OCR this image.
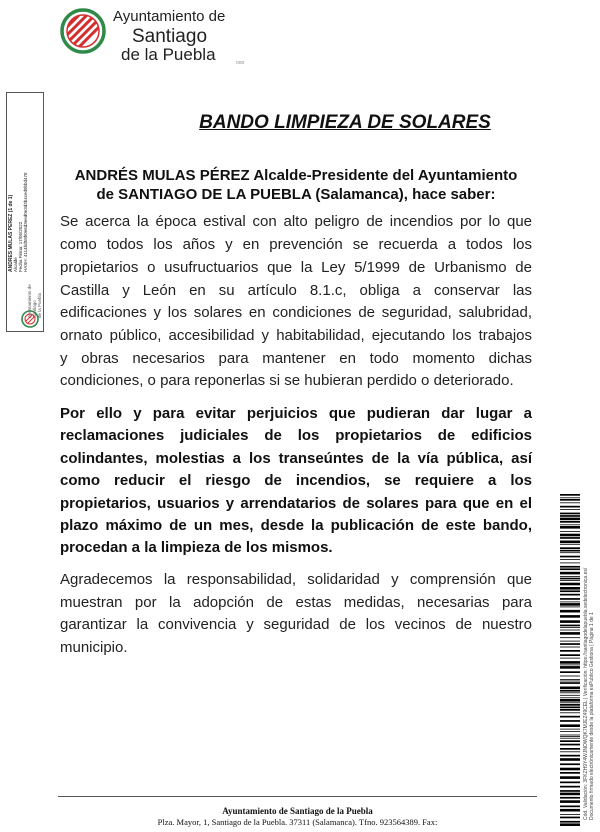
Ayuntamiento de
Santiago
de la Puebla	ooo
ANDRES MULAS PEREZ (1 de 1) Alcalde Fecha Firma: 17/05/2022 HASH: 4114bd58b0e6d3eed0e3d3b4ced9bbd478
Ayuntamiento de Santiago de la Puebla
BANDO LIMPIEZA DE SOLARES
ANDRÉS MULAS PÉREZ Alcalde-Presidente del Ayuntamiento
de SANTIAGO DE LA PUEBLA (Salamanca), hace saber:
Se acerca la época estival con alto peligro de incendios por lo que
como todos los años y en prevención se recuerda a todos los
propietarios o usufructuarios que la Ley 5/1999 de Urbanismo de
Castilla y León en su artículo 8.1.c, obliga a conservar las
edificaciones y los solares en condiciones de seguridad, salubridad,
ornato público, accesibilidad y habitabilidad, ejecutando los trabajos
y obras necesarios para mantener en todo momento dichas
condiciones, o para reponerlas si se hubieran perdido o deteriorado.
Por ello y para evitar perjuicios que pudieran dar lugar a
reclamaciones judiciales de los propietarios de edificios
colindantes, molestias a los transeúntes de la vía pública, así
como reducir el riesgo de incendios, se requiere a los
propietarios, usuarios y arrendatarios de solares para que en el
plazo máximo de un mes, desde la publicación de este bando,
procedan a la limpieza de los mismos.
Agradecemos la responsabilidad, solidaridad y comprensión que
muestran por la adopción de estas medidas, necesarias para
garantizar la convivencia y seguridad de los vecinos de nuestro
municipio.	Cód. Validación: 3FKZH9Y4WJNOWQK7MJEZ49CEL | Verificación: https://santiagodelapuebla.sedelectronica.es/ Documento firmado electrónicamente desde la plataforma esPublico Gestiona | Página 1 de 1
Ayuntamiento de Santiago de la Puebla
Plza. Mayor, 1, Santiago de la Puebla. 37311 (Salamanca). Tfno. 923564389. Fax:
